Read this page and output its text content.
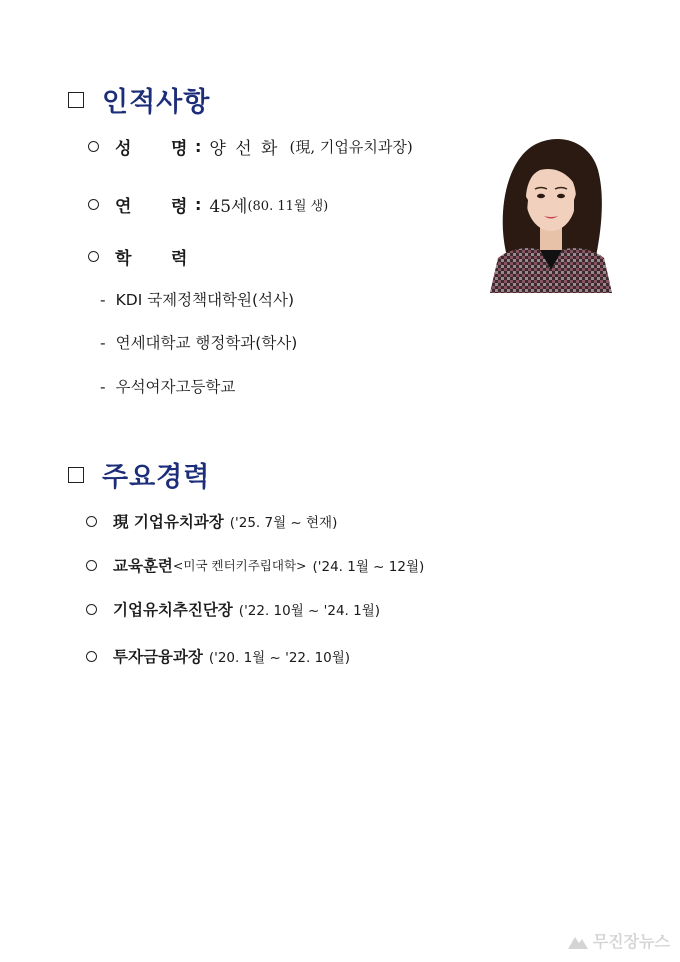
인적사항
성 명 : 양 선 화 (現, 기업유치과장)
연 령 : 45세 (80. 11월 생)
학 력
- KDI 국제정책대학원(석사)
- 연세대학교 행정학과(학사)
- 우석여자고등학교
주요경력
現 기업유치과장 ('25. 7월 ~ 현재)
교육훈련 <미국 켄터키주립대학> ('24. 1월 ~ 12월)
기업유치추진단장 ('22. 10월 ~ '24. 1월)
투자금융과장 ('20. 1월 ~ '22. 10월)
무진장뉴스
